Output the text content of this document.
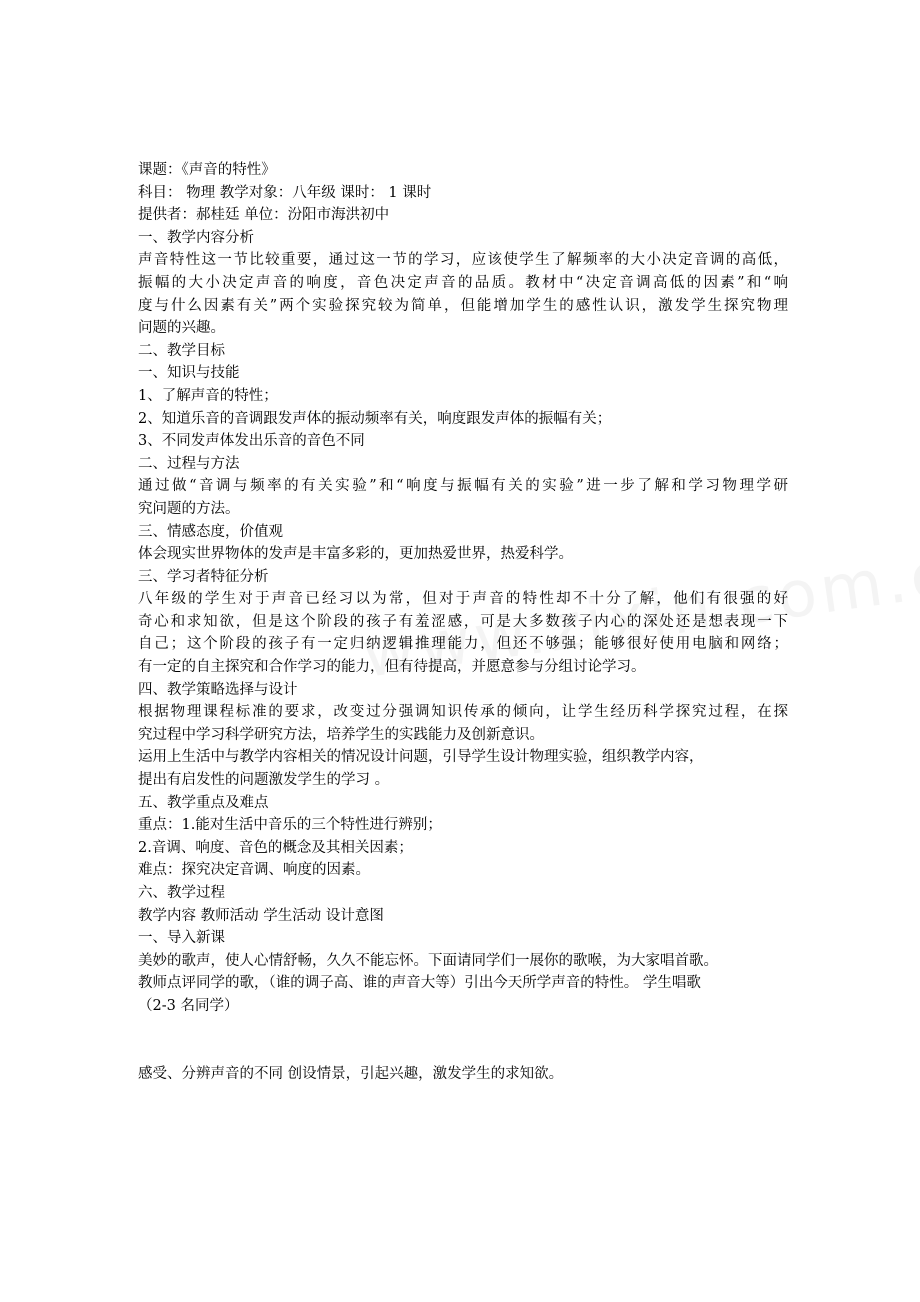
课题：《声音的特性》
科目： 物理 教学对象：八年级 课时： 1 课时
提供者：郝桂廷 单位：汾阳市海洪初中
一、教学内容分析
声音特性这一节比较重要，通过这一节的学习，应该使学生了解频率的大小决定音调的高低，
振幅的大小决定声音的响度，音色决定声音的品质。教材中“决定音调高低的因素”和“响
度与什么因素有关”两个实验探究较为简单，但能增加学生的感性认识，激发学生探究物理
问题的兴趣。
二、教学目标
一、知识与技能
1、了解声音的特性；
2、知道乐音的音调跟发声体的振动频率有关，响度跟发声体的振幅有关；
3、不同发声体发出乐音的音色不同
二、过程与方法
通过做“音调与频率的有关实验”和“响度与振幅有关的实验”进一步了解和学习物理学研
究问题的方法。
三、情感态度，价值观
体会现实世界物体的发声是丰富多彩的，更加热爱世界，热爱科学。
三、学习者特征分析
八年级的学生对于声音已经习以为常，但对于声音的特性却不十分了解，他们有很强的好
奇心和求知欲，但是这个阶段的孩子有羞涩感，可是大多数孩子内心的深处还是想表现一下
自己；这个阶段的孩子有一定归纳逻辑推理能力，但还不够强；能够很好使用电脑和网络；
有一定的自主探究和合作学习的能力，但有待提高，并愿意参与分组讨论学习。
四、教学策略选择与设计
根据物理课程标准的要求，改变过分强调知识传承的倾向，让学生经历科学探究过程，在探
究过程中学习科学研究方法，培养学生的实践能力及创新意识。
运用上生活中与教学内容相关的情况设计问题，引导学生设计物理实验，组织教学内容，
提出有启发性的问题激发学生的学习 。
五、教学重点及难点
重点：1.能对生活中音乐的三个特性进行辨别；
2.音调、响度、音色的概念及其相关因素；
难点：探究决定音调、响度的因素。
六、教学过程
教学内容 教师活动 学生活动 设计意图
一、导入新课
美妙的歌声，使人心情舒畅，久久不能忘怀。下面请同学们一展你的歌喉，为大家唱首歌。
教师点评同学的歌，（谁的调子高、谁的声音大等）引出今天所学声音的特性。 学生唱歌
（2-3 名同学）
感受、分辨声音的不同 创设情景，引起兴趣，激发学生的求知欲。
